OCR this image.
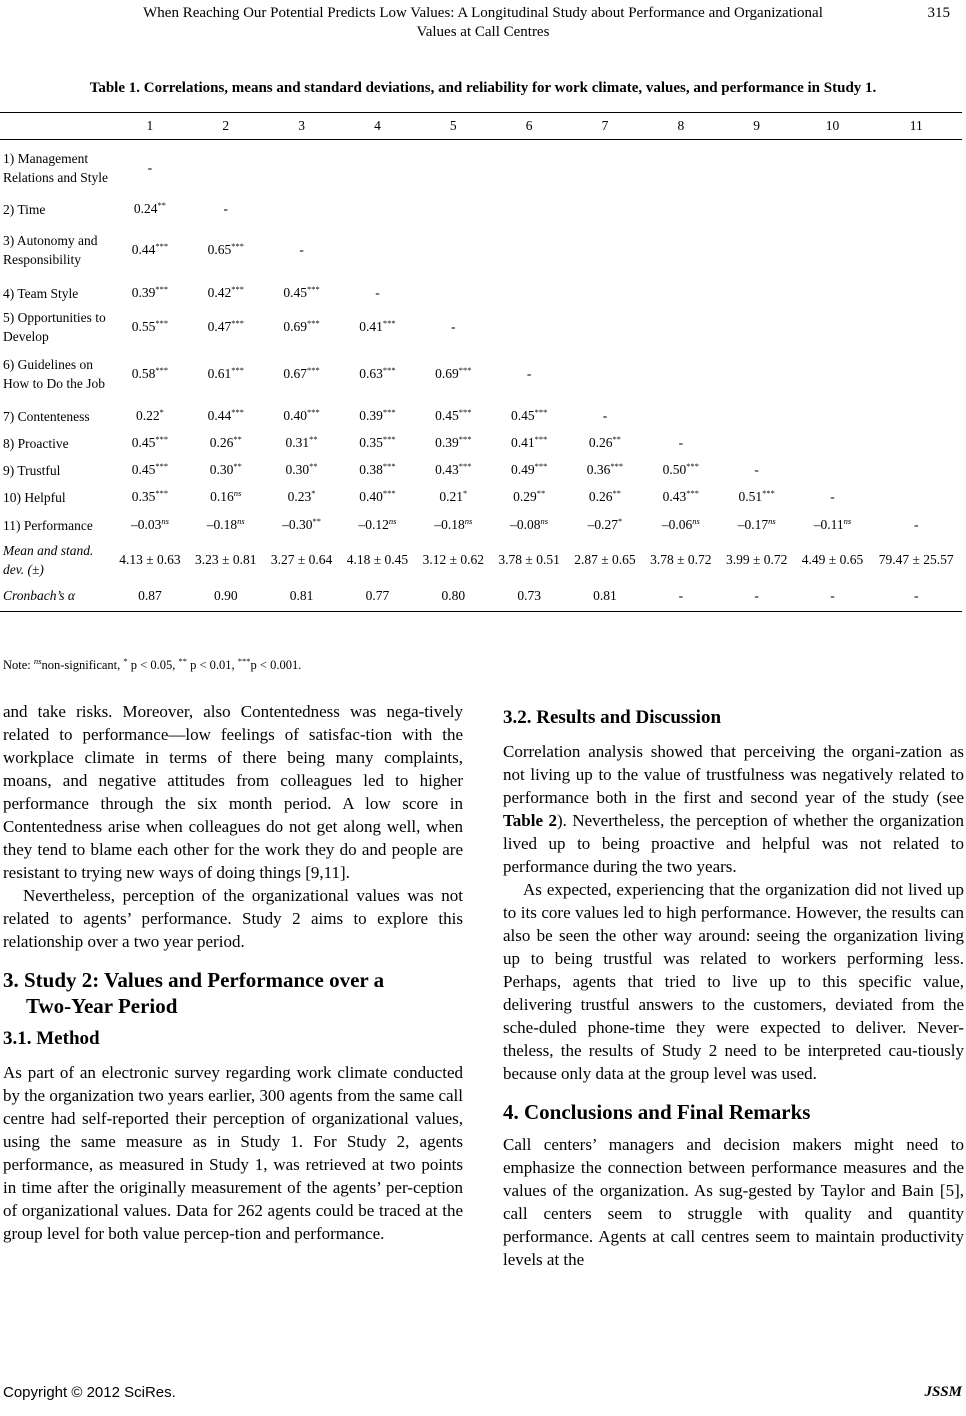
When Reaching Our Potential Predicts Low Values: A Longitudinal Study about Performance and Organizational
Values at Call Centres
315
Table 1. Correlations, means and standard deviations, and reliability for work climate, values, and performance in Study 1.
	1	2	3	4	5	6	7	8	9	10	11
1) Management Relations and Style	-										
2) Time	0.24**	-									
3) Autonomy and Responsibility	0.44***	0.65***	-								
4) Team Style	0.39***	0.42***	0.45***	-							
5) Opportunities to Develop	0.55***	0.47***	0.69***	0.41***	-						
6) Guidelines on How to Do the Job	0.58***	0.61***	0.67***	0.63***	0.69***	-					
7) Contenteness	0.22*	0.44***	0.40***	0.39***	0.45***	0.45***	-				
8) Proactive	0.45***	0.26**	0.31**	0.35***	0.39***	0.41***	0.26**	-			
9) Trustful	0.45***	0.30**	0.30**	0.38***	0.43***	0.49***	0.36***	0.50***	-		
10) Helpful	0.35***	$0.16^{ns}$	0.23*	0.40***	0.21*	0.29**	0.26**	0.43***	0.51***	-	
11) Performance	$-0.03^{ns}$	$-0.18^{ns}$	–0.30**	$-0.12^{ns}$	$-0.18^{ns}$	$-0.08^{ns}$	–0.27*	$-0.06^{ns}$	$-0.17^{ns}$	$-0.11^{ns}$	-
Mean and stand. dev. (±)	4.13 ± 0.63	3.23 ± 0.81	3.27 ± 0.64	4.18 ± 0.45	3.12 ± 0.62	3.78 ± 0.51	2.87 ± 0.65	3.78 ± 0.72	3.99 ± 0.72	4.49 ± 0.65	79.47 ± 25.57
Cronbach’s α	0.87	0.90	0.81	0.77	0.80	0.73	0.81	-	-	-	-
Note: $^{ns}$non-significant, * p < 0.05, ** p < 0.01, ***p < 0.001.

and take risks. Moreover, also Contentedness was nega-tively related to performance—low feelings of satisfac-tion with the workplace climate in terms of there being many complaints, moans, and negative attitudes from colleagues led to higher performance through the six month period. A low score in Contentedness arise when colleagues do not get along well, when they tend to blame each other for the work they do and people are resistant to trying new ways of doing things [9,11].

Nevertheless, perception of the organizational values was not related to agents’ performance. Study 2 aims to explore this relationship over a two year period.

3. Study 2: Values and Performance over a
Two-Year Period
3.1. Method

As part of an electronic survey regarding work climate conducted by the organization two years earlier, 300 agents from the same call centre had self-reported their perception of organizational values, using the same measure as in Study 1. For Study 2, agents performance, as measured in Study 1, was retrieved at two points in time after the originally measurement of the agents’ per-ception of organizational values. Data for 262 agents could be traced at the group level for both value percep-tion and performance.

3.2. Results and Discussion

Correlation analysis showed that perceiving the organi-zation as not living up to the value of trustfulness was negatively related to performance both in the first and second year of the study (see Table 2). Nevertheless, the perception of whether the organization lived up to being proactive and helpful was not related to performance during the two years.

As expected, experiencing that the organization did not lived up to its core values led to high performance. However, the results can also be seen the other way around: seeing the organization living up to being trustful was related to workers performing less. Perhaps, agents that tried to live up to this specific value, delivering trustful answers to the customers, deviated from the sche-duled phone-time they were expected to deliver. Never-theless, the results of Study 2 need to be interpreted cau-tiously because only data at the group level was used.

4. Conclusions and Final Remarks

Call centers’ managers and decision makers might need to emphasize the connection between performance measures and the values of the organization. As sug-gested by Taylor and Bain [5], call centers seem to struggle with quality and quantity performance. Agents at call centres seem to maintain productivity levels at the

Copyright © 2012 SciRes.	JSSM
